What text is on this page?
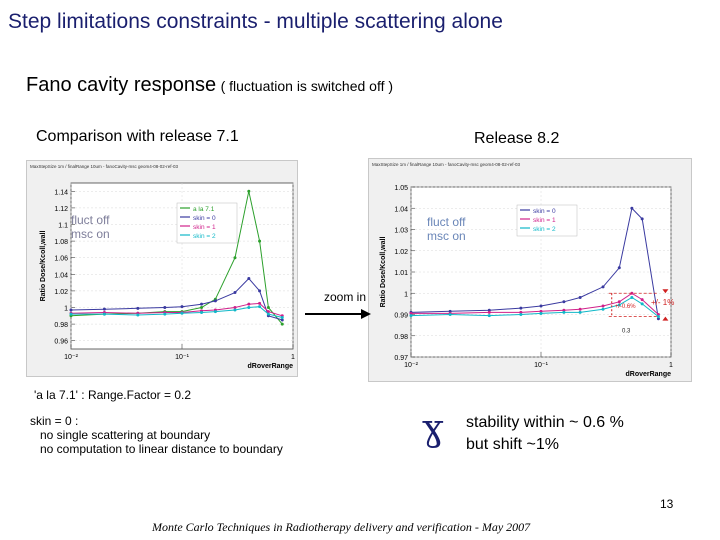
Step limitations constraints - multiple scattering alone
Fano cavity response ( fluctuation is switched off )
Comparison with release 7.1	Release 8.2
MaxStepSize 1m / finalRange 10um - fanoCavity-msc geom4-08-02-ref-03
0.96
0.98
1
1.02
1.04
1.06
1.08
1.1
1.12
1.14
10⁻²	10⁻¹	1
dRoverRange
Ratio Dose/Kcoll,wall
a la 7.1
skin = 0
skin = 1
skin = 2
fluct off
msc on
MaxStepSize 1m / finalRange 10um - fanoCavity-msc geom4-08-02-ref-03
0.97
0.98
0.99
1
1.01
1.02
1.03
1.04
1.05
10⁻²	10⁻¹	1
dRoverRange
Ratio Dose/Kcoll,wall
skin = 0
skin = 1
skin = 2
+/-0.6% +/- 1%
0.3
fluct off
msc on
zoom in
'a la 7.1' : Range.Factor = 0.2
skin = 0 :
no single scattering at boundary
no computation to linear distance to boundary	ɣ stability within ~ 0.6 %
but shift ~1%
13
Monte Carlo Techniques in Radiotherapy delivery and verification - May 2007
